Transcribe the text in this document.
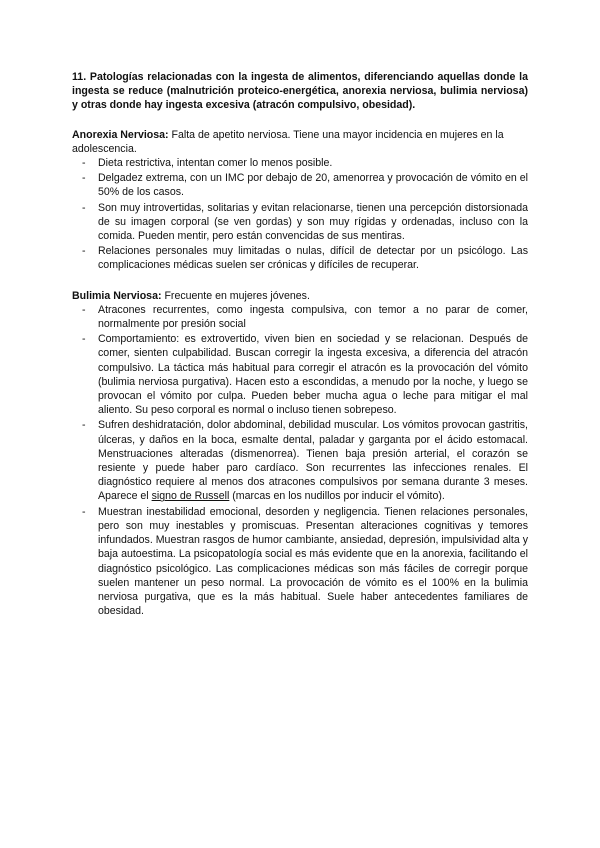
11. Patologías relacionadas con la ingesta de alimentos, diferenciando aquellas donde la ingesta se reduce (malnutrición proteico-energética, anorexia nerviosa, bulimia nerviosa) y otras donde hay ingesta excesiva (atracón compulsivo, obesidad).

Anorexia Nerviosa: Falta de apetito nerviosa. Tiene una mayor incidencia en mujeres en la adolescencia.

- Dieta restrictiva, intentan comer lo menos posible.
- Delgadez extrema, con un IMC por debajo de 20, amenorrea y provocación de vómito en el 50% de los casos.
- Son muy introvertidas, solitarias y evitan relacionarse, tienen una percepción distorsionada de su imagen corporal (se ven gordas) y son muy rígidas y ordenadas, incluso con la comida. Pueden mentir, pero están convencidas de sus mentiras.
- Relaciones personales muy limitadas o nulas, difícil de detectar por un psicólogo. Las complicaciones médicas suelen ser crónicas y difíciles de recuperar.

Bulimia Nerviosa: Frecuente en mujeres jóvenes.

- Atracones recurrentes, como ingesta compulsiva, con temor a no parar de comer, normalmente por presión social
- Comportamiento: es extrovertido, viven bien en sociedad y se relacionan. Después de comer, sienten culpabilidad. Buscan corregir la ingesta excesiva, a diferencia del atracón compulsivo. La táctica más habitual para corregir el atracón es la provocación del vómito (bulimia nerviosa purgativa). Hacen esto a escondidas, a menudo por la noche, y luego se provocan el vómito por culpa. Pueden beber mucha agua o leche para mitigar el mal aliento. Su peso corporal es normal o incluso tienen sobrepeso.
- Sufren deshidratación, dolor abdominal, debilidad muscular. Los vómitos provocan gastritis, úlceras, y daños en la boca, esmalte dental, paladar y garganta por el ácido estomacal. Menstruaciones alteradas (dismenorrea). Tienen baja presión arterial, el corazón se resiente y puede haber paro cardíaco. Son recurrentes las infecciones renales. El diagnóstico requiere al menos dos atracones compulsivos por semana durante 3 meses. Aparece el signo de Russell (marcas en los nudillos por inducir el vómito).
- Muestran inestabilidad emocional, desorden y negligencia. Tienen relaciones personales, pero son muy inestables y promiscuas. Presentan alteraciones cognitivas y temores infundados. Muestran rasgos de humor cambiante, ansiedad, depresión, impulsividad alta y baja autoestima. La psicopatología social es más evidente que en la anorexia, facilitando el diagnóstico psicológico. Las complicaciones médicas son más fáciles de corregir porque suelen mantener un peso normal. La provocación de vómito es el 100% en la bulimia nerviosa purgativa, que es la más habitual. Suele haber antecedentes familiares de obesidad.
